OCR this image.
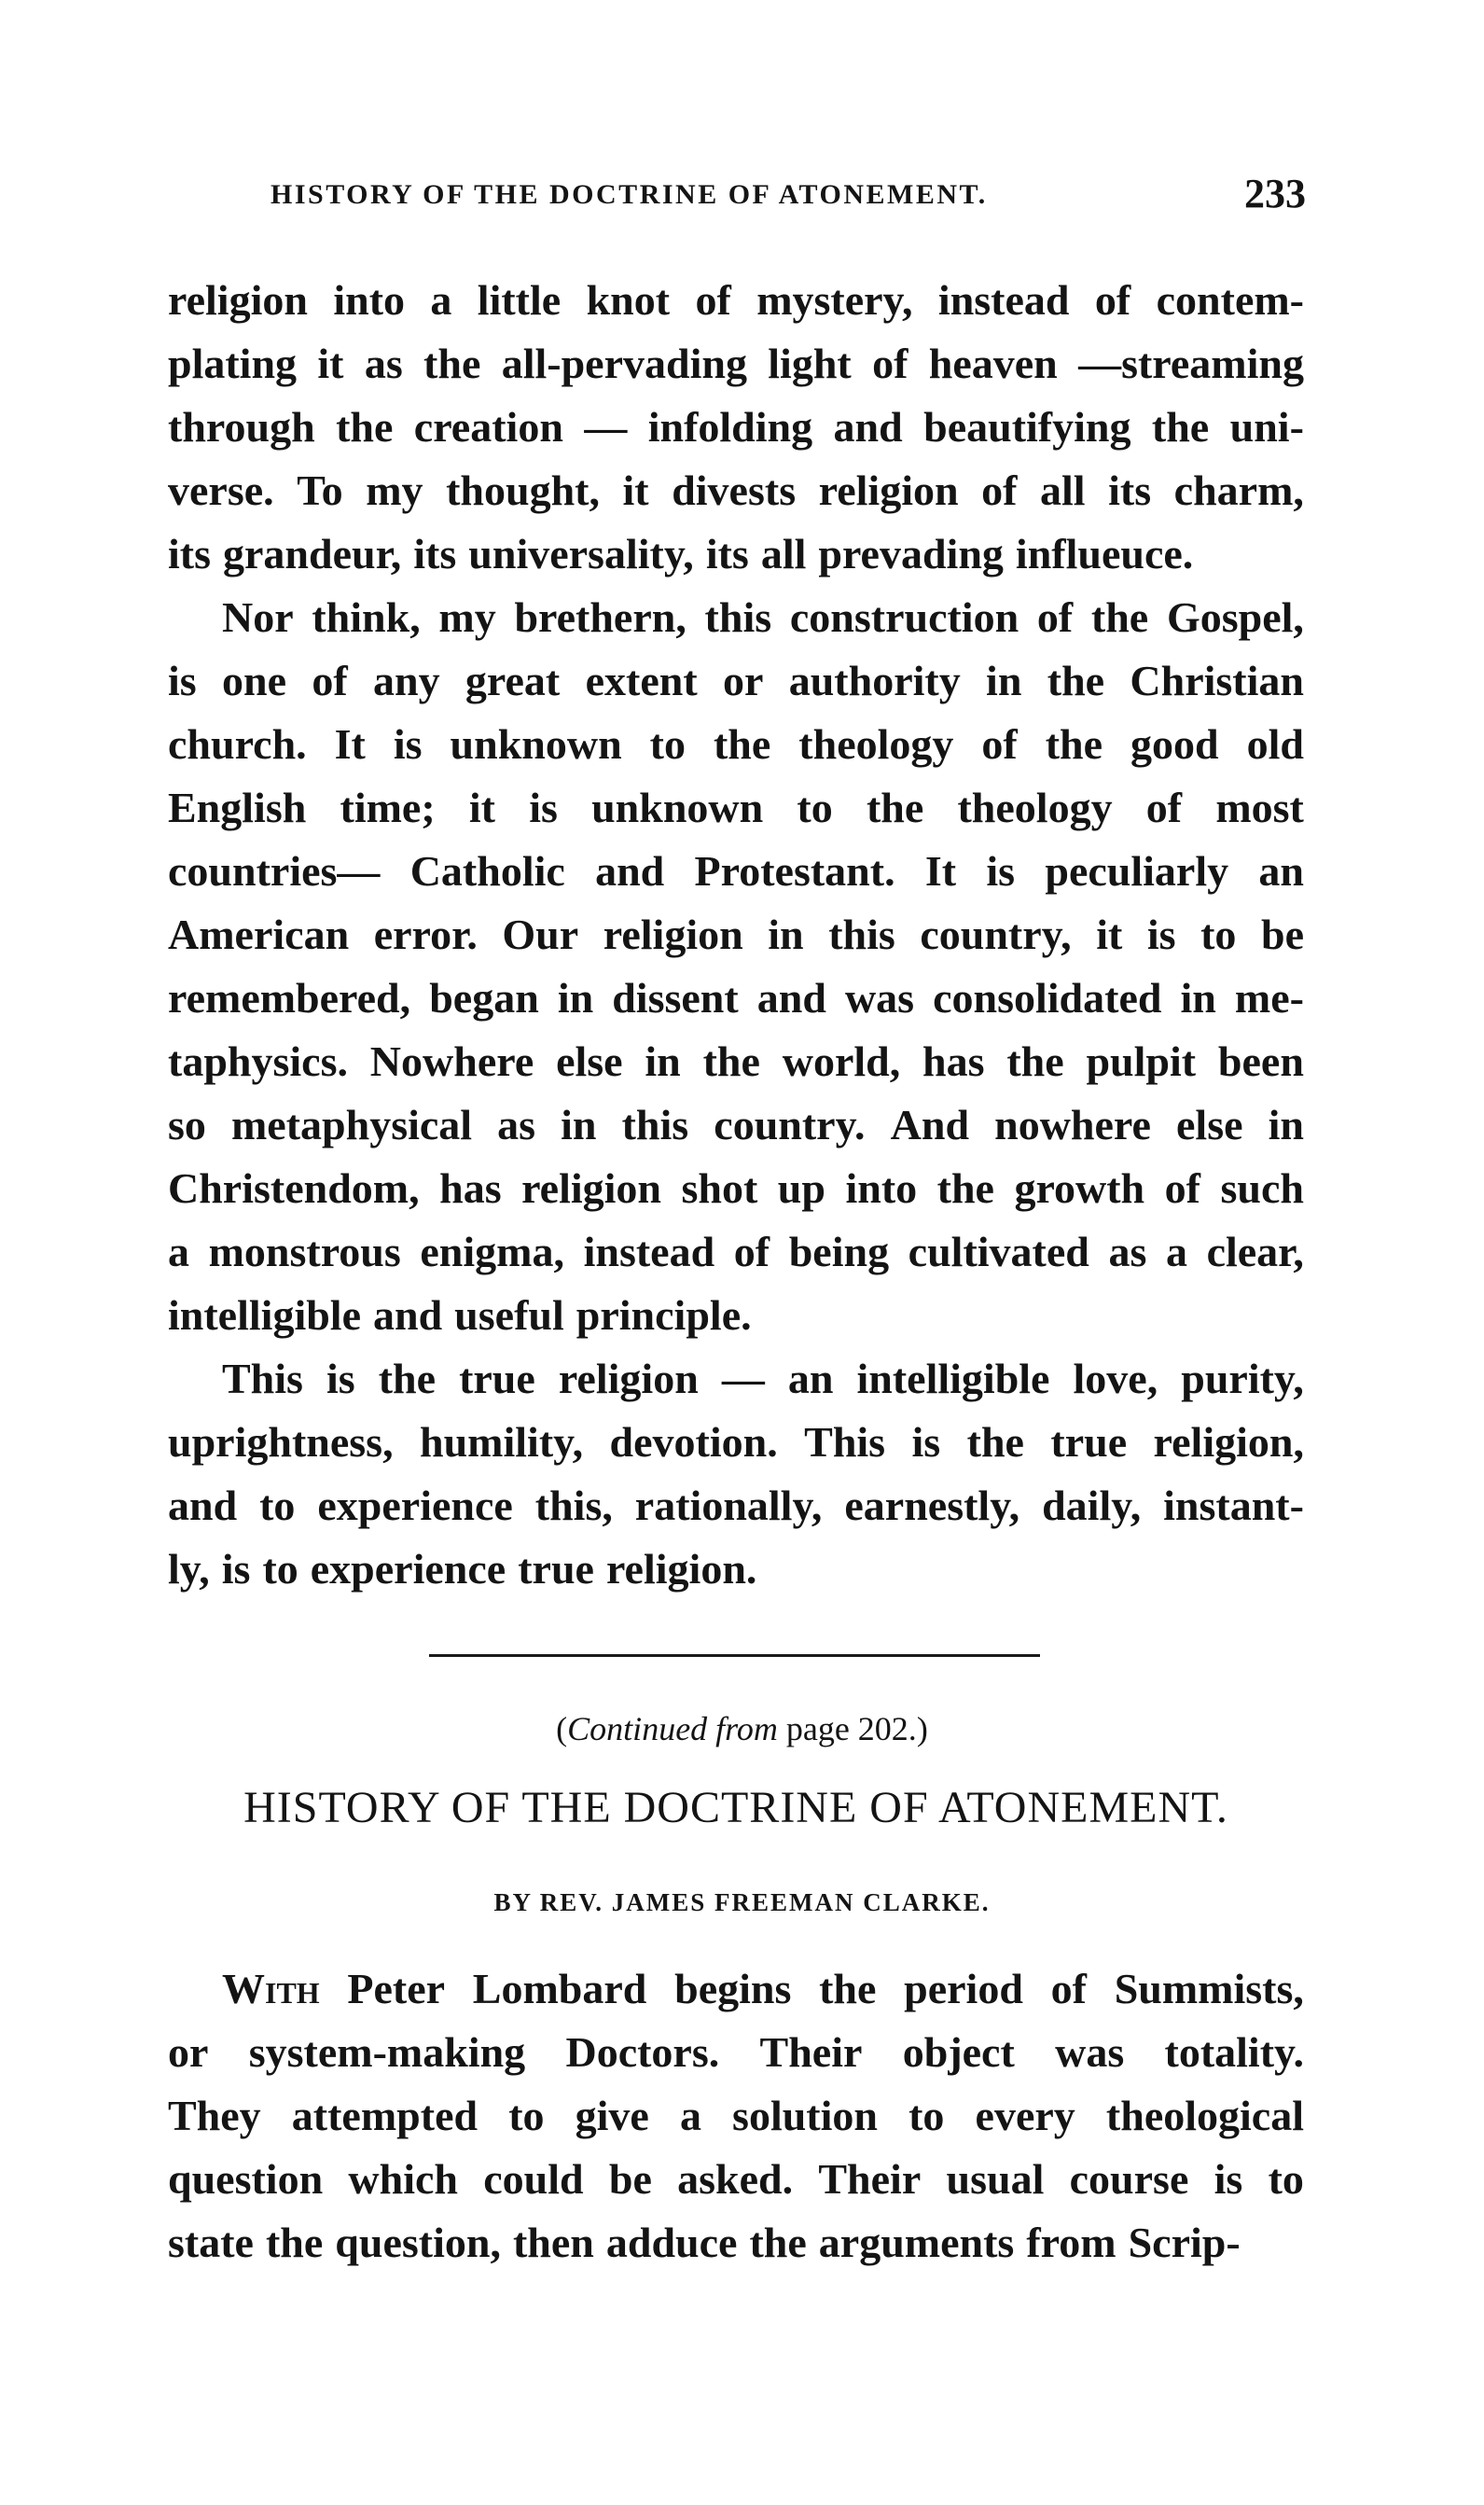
HISTORY OF THE DOCTRINE OF ATONEMENT.	233
religion into a little knot of mystery, instead of contem-
plating it as the all-pervading light of heaven —streaming
through the creation — infolding and beautifying the uni-
verse. To my thought, it divests religion of all its charm,
its grandeur, its universality, its all prevading influeuce.
Nor think, my brethern, this construction of the Gospel,
is one of any great extent or authority in the Christian
church. It is unknown to the theology of the good old
English time; it is unknown to the theology of most
countries— Catholic and Protestant. It is peculiarly an
American error. Our religion in this country, it is to be
remembered, began in dissent and was consolidated in me-
taphysics. Nowhere else in the world, has the pulpit been
so metaphysical as in this country. And nowhere else in
Christendom, has religion shot up into the growth of such
a monstrous enigma, instead of being cultivated as a clear,
intelligible and useful principle.
This is the true religion — an intelligible love, purity,
uprightness, humility, devotion. This is the true religion,
and to experience this, rationally, earnestly, daily, instant-
ly, is to experience true religion.
(Continued from page 202.)
HISTORY OF THE DOCTRINE OF ATONEMENT.
BY REV. JAMES FREEMAN CLARKE.
With Peter Lombard begins the period of Summists,
or system-making Doctors. Their object was totality.
They attempted to give a solution to every theological
question which could be asked. Their usual course is to
state the question, then adduce the arguments from Scrip-
